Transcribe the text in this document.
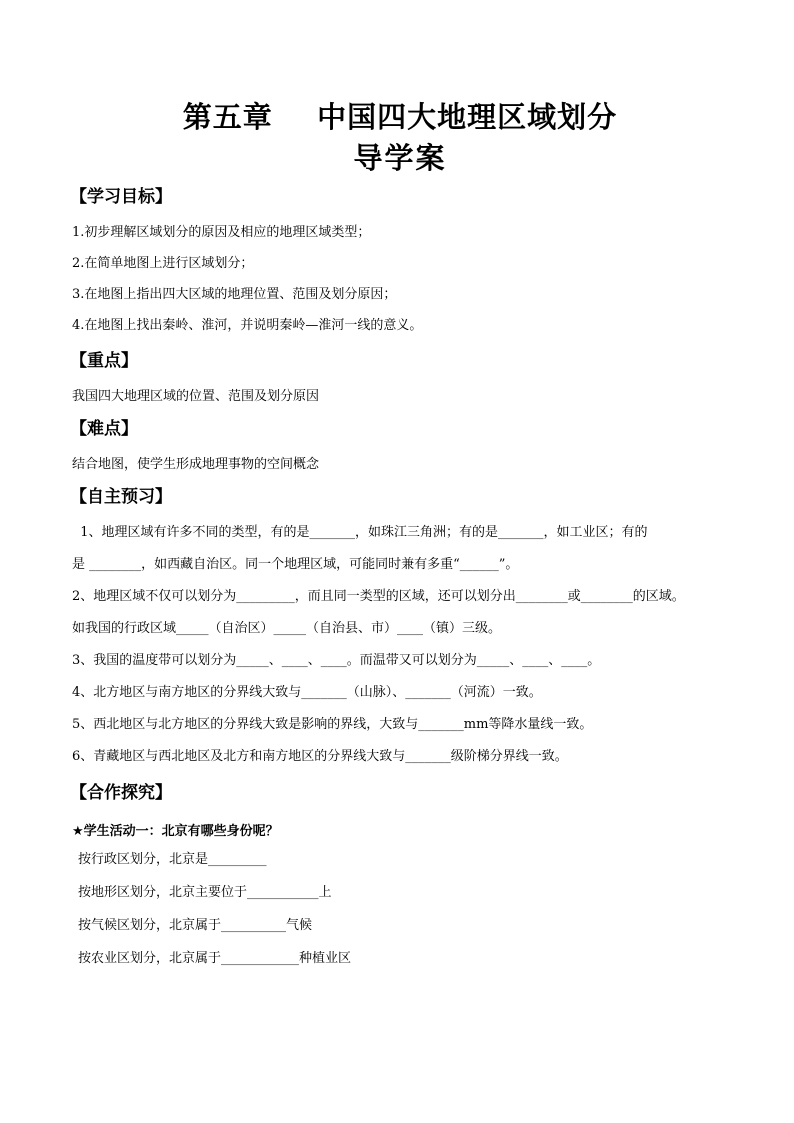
第五章    中国四大地理区域划分
导学案
【学习目标】

1.初步理解区域划分的原因及相应的地理区域类型；

2.在简单地图上进行区域划分；

3.在地图上指出四大区域的地理位置、范围及划分原因；

4.在地图上找出秦岭、淮河，并说明秦岭—淮河一线的意义。

【重点】

我国四大地理区域的位置、范围及划分原因

【难点】

结合地图，使学生形成地理事物的空间概念

【自主预习】

1、地理区域有许多不同的类型，有的是_______，如珠江三角洲；有的是_______，如工业区；有的

是 ________，如西藏自治区。同一个地理区域，可能同时兼有多重“______”。

2、地理区域不仅可以划分为_________，而且同一类型的区域，还可以划分出________或________的区域。

如我国的行政区域_____（自治区）_____（自治县、市）____（镇）三级。

3、我国的温度带可以划分为_____、____、____。而温带又可以划分为_____、____、____。

4、北方地区与南方地区的分界线大致与_______（山脉）、_______（河流）一致。

5、西北地区与北方地区的分界线大致是影响的界线，大致与_______mm等降水量线一致。

6、青藏地区与西北地区及北方和南方地区的分界线大致与_______级阶梯分界线一致。

【合作探究】
★学生活动一：北京有哪些身份呢？

按行政区划分，北京是_________

按地形区划分，北京主要位于___________上

按气候区划分，北京属于__________气候

按农业区划分，北京属于____________种植业区
